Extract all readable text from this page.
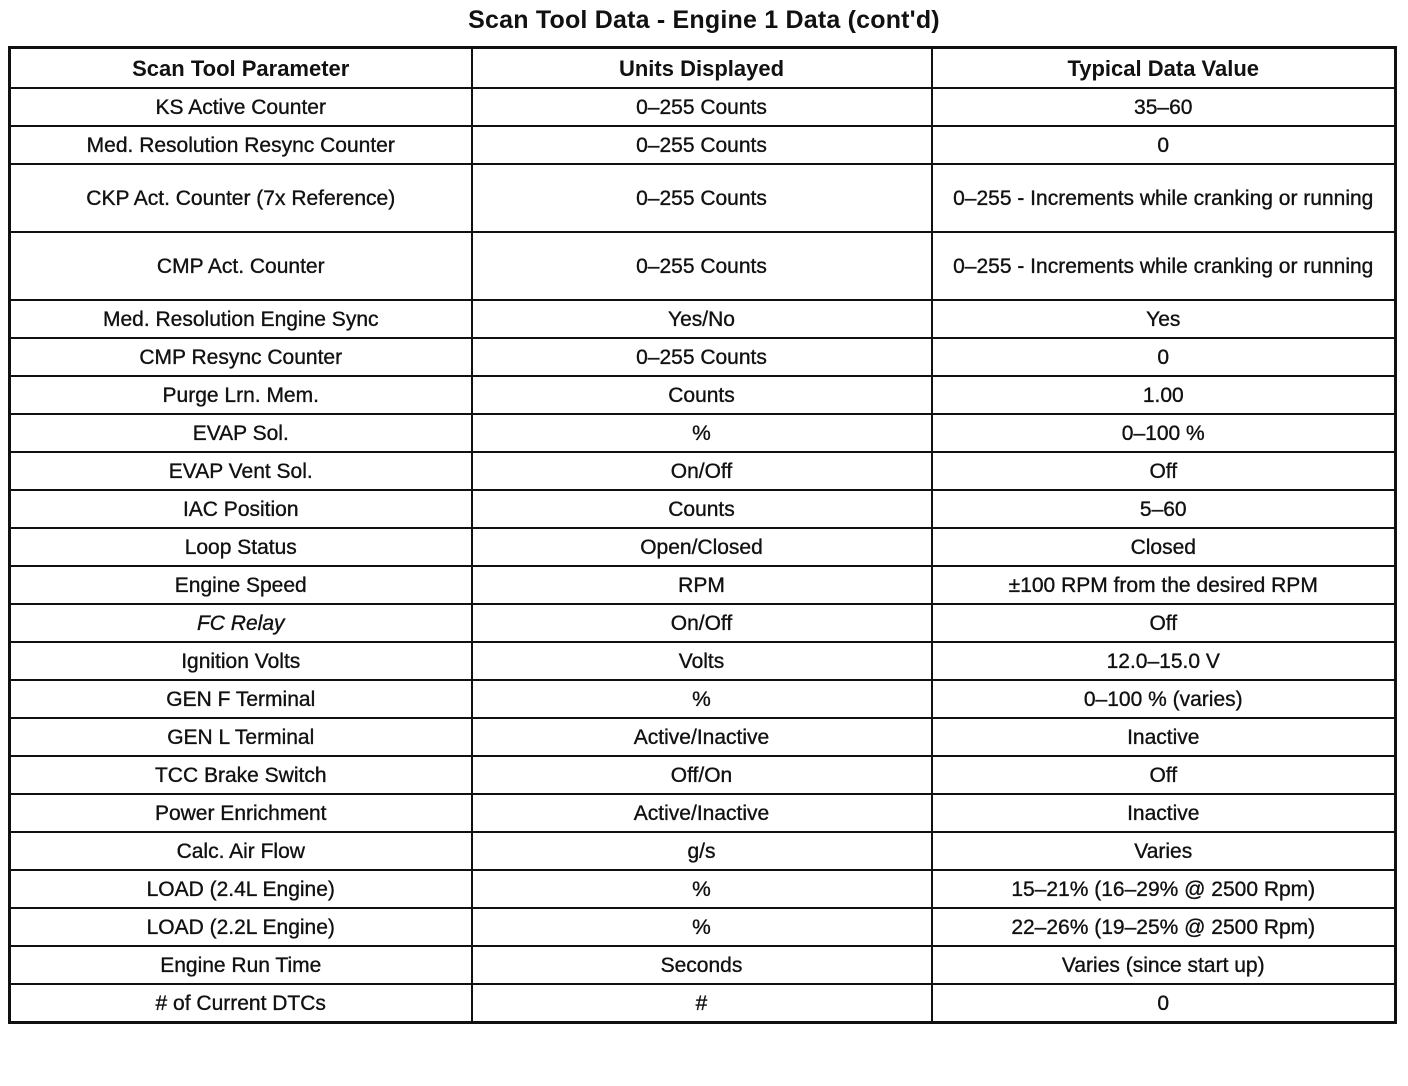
Scan Tool Data - Engine 1 Data (cont'd)
Scan Tool Parameter	Units Displayed	Typical Data Value
KS Active Counter	0–255 Counts	35–60
Med. Resolution Resync Counter	0–255 Counts	0
CKP Act. Counter (7x Reference)	0–255 Counts	0–255 - Increments while cranking or running
CMP Act. Counter	0–255 Counts	0–255 - Increments while cranking or running
Med. Resolution Engine Sync	Yes/No	Yes
CMP Resync Counter	0–255 Counts	0
Purge Lrn. Mem.	Counts	1.00
EVAP Sol.	%	0–100 %
EVAP Vent Sol.	On/Off	Off
IAC Position	Counts	5–60
Loop Status	Open/Closed	Closed
Engine Speed	RPM	±100 RPM from the desired RPM
FC Relay	On/Off	Off
Ignition Volts	Volts	12.0–15.0 V
GEN F Terminal	%	0–100 % (varies)
GEN L Terminal	Active/Inactive	Inactive
TCC Brake Switch	Off/On	Off
Power Enrichment	Active/Inactive	Inactive
Calc. Air Flow	g/s	Varies
LOAD (2.4L Engine)	%	15–21% (16–29% @ 2500 Rpm)
LOAD (2.2L Engine)	%	22–26% (19–25% @ 2500 Rpm)
Engine Run Time	Seconds	Varies (since start up)
# of Current DTCs	#	0
